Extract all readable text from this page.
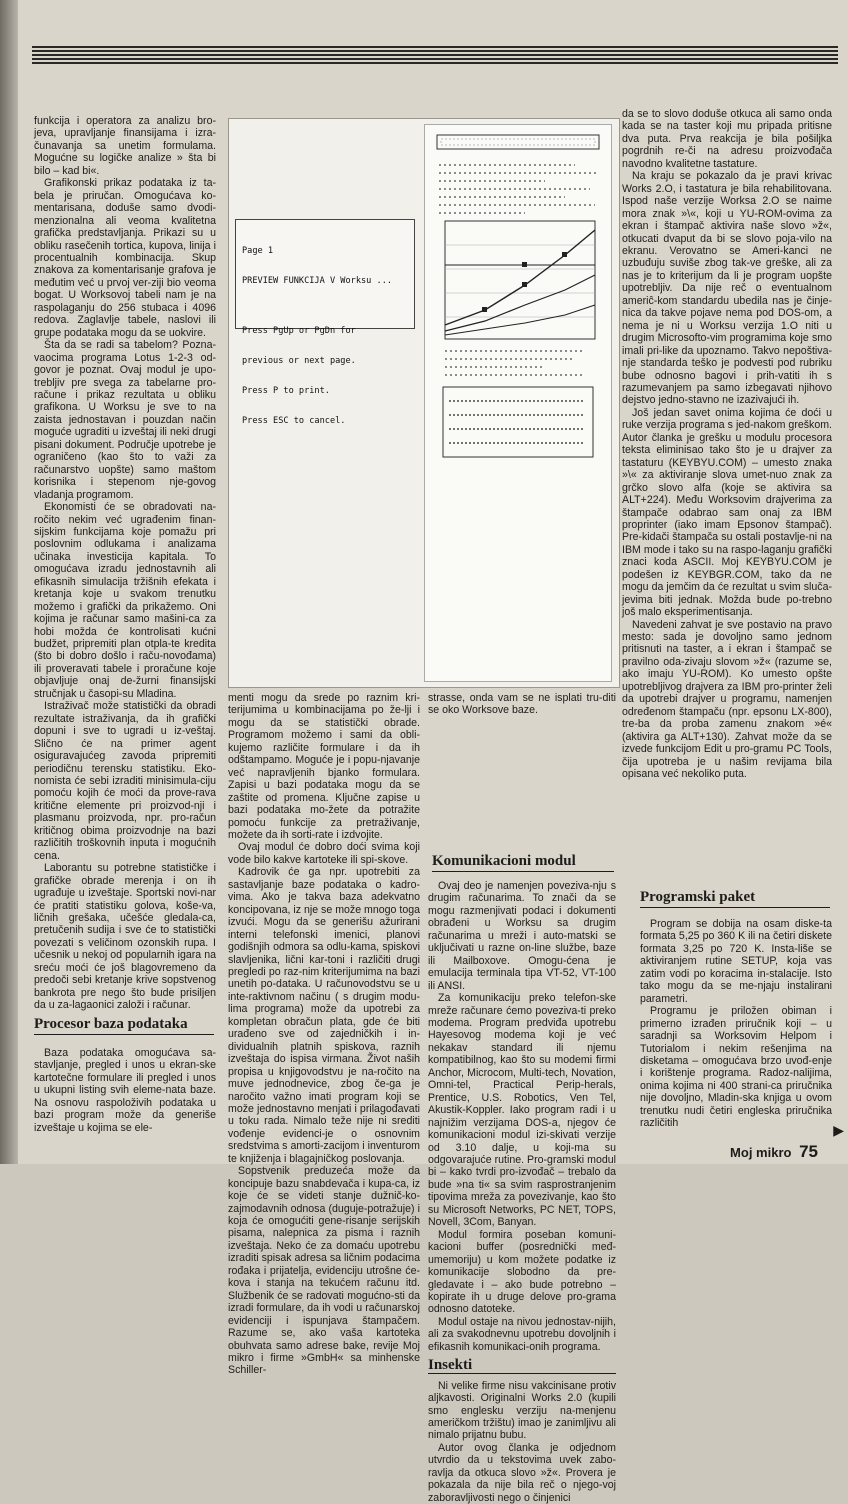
funkcija i operatora za analizu bro-jeva, upravljanje finansijama i izra-čunavanja sa unetim formulama. Mogućne su logičke analize » šta bi bilo – kad bi«.

Grafikonski prikaz podataka iz ta-bela je priručan. Omogućava ko-mentarisana, doduše samo dvodi-menzionalna ali veoma kvalitetna grafička predstavljanja. Prikazi su u obliku rasečenih tortica, kupova, linija i procentualnih kombinacija. Skup znakova za komentarisanje grafova je međutim već u prvoj ver-ziji bio veoma bogat. U Worksovoj tabeli nam je na raspolaganju do 256 stubaca i 4096 redova. Zaglavlje tabele, naslovi ili grupe podataka mogu da se uokvire.

Šta da se radi sa tabelom? Pozna-vaocima programa Lotus 1-2-3 od-govor je poznat. Ovaj modul je upo-trebljiv pre svega za tabelarne pro-račune i prikaz rezultata u obliku grafikona. U Worksu je sve to na zaista jednostavan i pouzdan način moguće ugraditi u izveštaj ili neki drugi pisani dokument. Područje upotrebe je ograničeno (kao što to važi za računarstvo uopšte) samo maštom korisnika i stepenom nje-govog vladanja programom.

Ekonomisti će se obradovati na-ročito nekim već ugrađenim finan-sijskim funkcijama koje pomažu pri poslovnim odlukama i analizama učinaka investicija kapitala. To omogućava izradu jednostavnih ali efikasnih simulacija tržišnih efekata i kretanja koje u svakom trenutku možemo i grafički da prikažemo. Oni kojima je računar samo mašini-ca za hobi možda će kontrolisati kućni budžet, pripremiti plan otpla-te kredita (što bi dobro došlo i raču-novođama) ili proveravati tabele i proračune koje objavljuje onaj de-žurni finansijski stručnjak u časopi-su Mladina.

Istraživač može statistički da obradi rezultate istraživanja, da ih grafički dopuni i sve to ugradi u iz-veštaj. Slično će na primer agent osiguravajućeg zavoda pripremiti periodičnu terensku statistiku. Eko-nomista će sebi izraditi minisimula-ciju pomoću kojih će moći da prove-rava kritične elemente pri proizvod-nji i plasmanu proizvoda, npr. pro-račun kritičnog obima proizvodnje na bazi različitih troškovnih inputa i mogućnih cena.

Laborantu su potrebne statističke i grafičke obrade merenja i on ih ugrađuje u izveštaje. Sportski novi-nar će pratiti statistiku golova, koše-va, ličnih grešaka, učešće gledala-ca, pretučenih sudija i sve će to statistički povezati s veličinom ozonskih rupa. I učesnik u nekoj od popularnih igara na sreću moći će još blagovremeno da predoči sebi kretanje krive sopstvenog bankrota pre nego što bude prisiljen da u za-lagaonici založi i računar.

Procesor baza podataka

Baza podataka omogućava sa-stavljanje, pregled i unos u ekran-ske kartotečne formulare ili pregled i unos u ukupni listing svih eleme-nata baze. Na osnovu raspoloživih podataka u bazi program može da generiše izveštaje u kojima se ele-

Page 1

PREVIEW FUNKCIJA V Worksu ...

Press PgUp or PgDn for

previous or next page.

Press P to print.

Press ESC to cancel.

menti mogu da srede po raznim kri-terijumima u kombinacijama po že-lji i mogu da se statistički obrade. Programom možemo i sami da obli-kujemo različite formulare i da ih odštampamo. Moguće je i popu-njavanje već napravljenih bjanko formulara. Zapisi u bazi podataka mogu da se zaštite od promena. Ključne zapise u bazi podataka mo-žete da potražite pomoću funkcije za pretraživanje, možete da ih sorti-rate i izdvojite.

Ovaj modul će dobro doći svima koji vode bilo kakve kartoteke ili spi-skove.

Kadrovik će ga npr. upotrebiti za sastavljanje baze podataka o kadro-vima. Ako je takva baza adekvatno koncipovana, iz nje se može mnogo toga izvući. Mogu da se generišu ažurirani interni telefonski imenici, planovi godišnjih odmora sa odlu-kama, spiskovi slavljenika, lični kar-toni i različiti drugi pregledi po raz-nim kriterijumima na bazi unetih po-dataka. U računovodstvu se u inte-raktivnom načinu ( s drugim modu-lima programa) može da upotrebi za kompletan obračun plata, gde će biti urađeno sve od zajedničkih i in-dividualnih platnih spiskova, raznih izveštaja do ispisa virmana. Život naših propisa u knjigovodstvu je na-ročito na muve jednodnevice, zbog če-ga je naročito važno imati program koji se može jednostavno menjati i prilagođavati u toku rada. Nimalo teže nije ni srediti vođenje evidenci-je o osnovnim sredstvima s amorti-zacijom i inventurom te knjiženja i blagajničkog poslovanja.

Sopstvenik preduzeća može da koncipuje bazu snabdevača i kupa-ca, iz koje će se videti stanje dužnič-ko-zajmodavnih odnosa (duguje-potražuje) i koja će omogućiti gene-risanje serijskih pisama, nalepnica za pisma i raznih izveštaja. Neko će za domaću upotrebu izraditi spisak adresa sa ličnim podacima rođaka i prijatelja, evidenciju utrošne će-kova i stanja na tekućem računu itd. Službenik će se radovati mogućno-sti da izradi formulare, da ih vodi u računarskoj evidenciji i ispunjava štampačem. Razume se, ako vaša kartoteka obuhvata samo adrese bake, revije Moj mikro i firme »GmbH« sa minhenske Schiller-

strasse, onda vam se ne isplati tru-diti se oko Worksove baze.

Komunikacioni modul

Ovaj deo je namenjen poveziva-nju s drugim računarima. To znači da se mogu razmenjivati podaci i dokumenti obrađeni u Worksu sa drugim računarima u mreži i auto-matski se uključivati u razne on-line službe, baze ili Mailboxove. Omogu-ćena je emulacija terminala tipa VT-52, VT-100 ili ANSI.

Za komunikaciju preko telefon-ske mreže računare ćemo poveziva-ti preko modema. Program predviđa upotrebu Hayesovog modema koji je već nekakav standard ili njemu kompatibilnog, kao što su modemi firmi Anchor, Microcom, Multi-tech, Novation, Omni-tel, Practical Perip-herals, Prentice, U.S. Robotics, Ven Tel, Akustik-Koppler. Iako program radi i u najnižim verzijama DOS-a, njegov će komunikacioni modul izi-skivati verzije od 3.10 dalje, u koji-ma su odgovarajuće rutine. Pro-gramski modul bi – kako tvrdi pro-izvođač – trebalo da bude »na ti« sa svim rasprostranjenim tipovima mreža za povezivanje, kao što su Microsoft Networks, PC NET, TOPS, Novell, 3Com, Banyan.

Modul formira poseban komuni-kacioni buffer (posrednički međ-umemoriju) u kom možete podatke iz komunikacije slobodno da pre-gledavate i – ako bude potrebno – kopirate ih u druge delove pro-grama odnosno datoteke.

Modul ostaje na nivou jednostav-nijih, ali za svakodnevnu upotrebu dovoljnih i efikasnih komunikaci-onih programa.

Insekti

Ni velike firme nisu vakcinisane protiv aljkavosti. Originalni Works 2.0 (kupili smo englesku verziju na-menjenu američkom tržištu) imao je zanimljivu ali nimalo prijatnu bubu.

Autor ovog članka je odjednom utvrdio da u tekstovima uvek zabo-ravlja da otkuca slovo »ž«. Provera je pokazala da nije bila reč o njego-voj zaboravljivosti nego o činjenici

da se to slovo doduše otkuca ali samo onda kada se na taster koji mu pripada pritisne dva puta. Prva reakcija je bila pošiljka pogrdnih re-či na adresu proizvođača navodno kvalitetne tastature.

Na kraju se pokazalo da je pravi krivac Works 2.O, i tastatura je bila rehabilitovana. Ispod naše verzije Worksa 2.O se naime mora znak »\«, koji u YU-ROM-ovima za ekran i štampač aktivira naše slovo »ž«, otkucati dvaput da bi se slovo poja-vilo na ekranu. Verovatno se Ameri-kanci ne uzbuđuju suviše zbog tak-ve greške, ali za nas je to kriterijum da li je program uopšte upotrebljiv. Da nije reč o eventualnom ameriĉ-kom standardu ubedila nas je činje-nica da takve pojave nema pod DOS-om, a nema je ni u Worksu verzija 1.O niti u drugim Microsofto-vim programima koje smo imali pri-like da upoznamo. Takvo nepoštiva-nje standarda teško je podvesti pod rubriku bube odnosno bagovi i prih-vatiti ih s razumevanjem pa samo izbegavati njihovo dejstvo jedno-stavno ne izazivajući ih.

Još jedan savet onima kojima će doći u ruke verzija programa s jed-nakom greškom. Autor članka je grešku u modulu procesora teksta eliminisao tako što je u drajver za tastaturu (KEYBYU.COM) – umesto znaka »\« za aktiviranje slova umet-nuo znak za grčko slovo alfa (koje se aktivira sa ALT+224). Među Worksovim drajverima za štampače odabrao sam onaj za IBM proprinter (iako imam Epsonov štampač). Pre-kidači štampača su ostali postavlje-ni na IBM mode i tako su na raspo-laganju grafički znaci koda ASCII. Moj KEYBYU.COM je podešen iz KEYBGR.COM, tako da ne mogu da jemčim da će rezultat u svim sluča-jevima biti jednak. Možda bude po-trebno još malo eksperimentisanja.

Navedeni zahvat je sve postavio na pravo mesto: sada je dovoljno samo jednom pritisnuti na taster, a i ekran i štampač se pravilno oda-zivaju slovom »ž« (razume se, ako imaju YU-ROM). Ko umesto opšte upotrebljivog drajvera za IBM pro-printer želi da upotrebi drajver u programu, namenjen određenom štampaču (npr. epsonu LX-800), tre-ba da proba zamenu znakom »é« (aktivira ga ALT+130). Zahvat može da se izvede funkcijom Edit u pro-gramu PC Tools, čija upotreba je u našim revijama bila opisana već nekoliko puta.

Programski paket

Program se dobija na osam diske-ta formata 5,25 po 360 K ili na četiri diskete formata 3,25 po 720 K. Insta-liše se aktiviranjem rutine SETUP, koja vas zatim vodi po koracima in-stalacije. Isto tako mogu da se me-njaju instalirani parametri.

Programu je priložen obiman i primerno izrađen priručnik koji – u saradnji sa Worksovim Helpom i Tutorialom i nekim rešenjima na disketama – omogućava brzo uvođ-enje i korištenje programa. Radoz-nalijima, onima kojima ni 400 strani-ca priručnika nije dovoljno, Mladin-ska knjiga u ovom trenutku nudi četiri engleska priručnika različitih

Moj mikro 75
▶
